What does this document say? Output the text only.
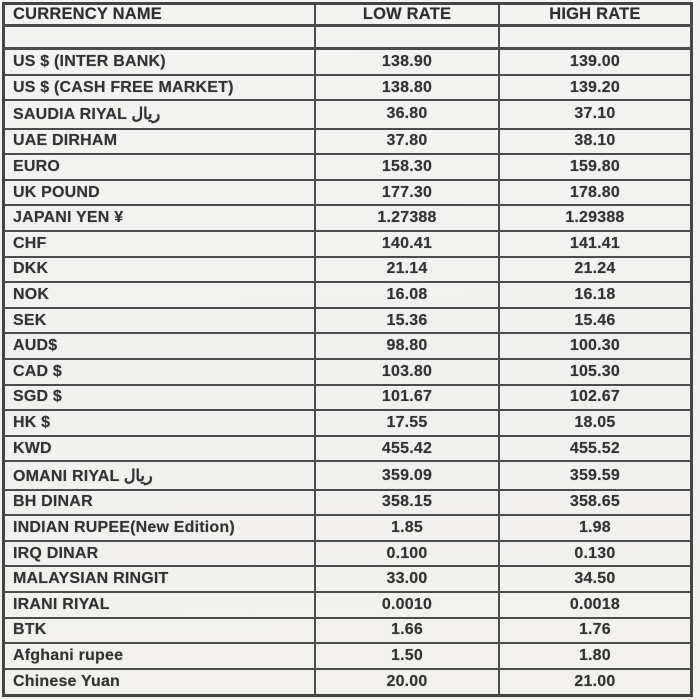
CURRENCY NAME	LOW RATE	HIGH RATE

US $ (INTER BANK)	138.90	139.00
US $ (CASH FREE MARKET)	138.80	139.20
SAUDIA RIYAL ريال	36.80	37.10
UAE DIRHAM	37.80	38.10
EURO	158.30	159.80
UK POUND	177.30	178.80
JAPANI YEN ¥	1.27388	1.29388
CHF	140.41	141.41
DKK	21.14	21.24
NOK	16.08	16.18
SEK	15.36	15.46
AUD$	98.80	100.30
CAD $	103.80	105.30
SGD $	101.67	102.67
HK $	17.55	18.05
KWD	455.42	455.52
OMANI RIYAL ريال	359.09	359.59
BH DINAR	358.15	358.65
INDIAN RUPEE(New Edition)	1.85	1.98
IRQ DINAR	0.100	0.130
MALAYSIAN RINGIT	33.00	34.50
IRANI RIYAL	0.0010	0.0018
BTK	1.66	1.76
Afghani rupee	1.50	1.80
Chinese Yuan	20.00	21.00
